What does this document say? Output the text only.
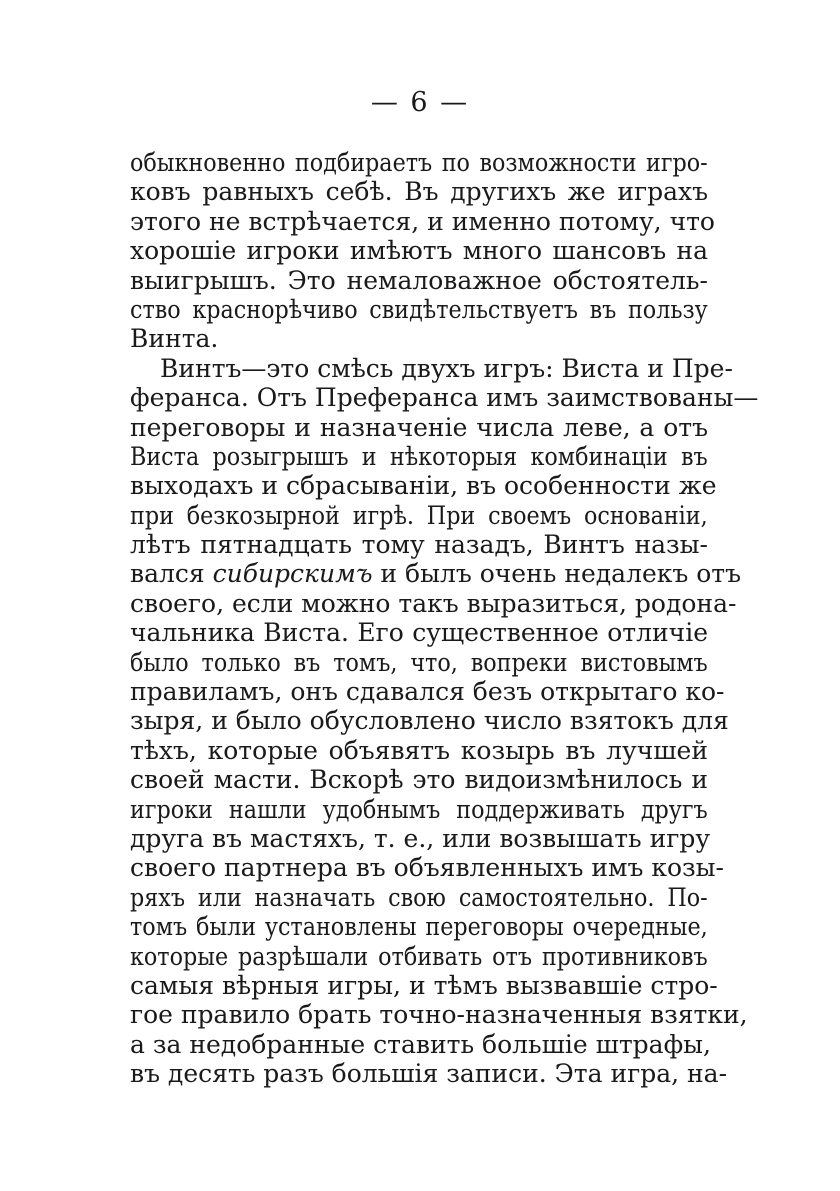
— 6 —
обыкновенно подбираетъ по возможности игро-
ковъ равныхъ себѣ. Въ другихъ же играхъ
этого не встрѣчается, и именно потому, что
хорошіе игроки имѣютъ много шансовъ на
выигрышъ. Это немаловажное обстоятель-
ство краснорѣчиво свидѣтельствуетъ въ пользу
Винта.
Винтъ—это смѣсь двухъ игръ: Виста и Пре-
феранса. Отъ Преферанса имъ заимствованы—
переговоры и назначеніе числа леве, а отъ
Виста розыгрышъ и нѣкоторыя комбинаціи въ
выходахъ и сбрасываніи, въ особенности же
при безкозырной игрѣ. При своемъ основаніи,
лѣтъ пятнадцать тому назадъ, Винтъ назы-
вался сибирскимъ и былъ очень недалекъ отъ
своего, если можно такъ выразиться, родона-
чальника Виста. Его существенное отличіе
было только въ томъ, что, вопреки вистовымъ
правиламъ, онъ сдавался безъ открытаго ко-
зыря, и было обусловлено число взятокъ для
тѣхъ, которые объявятъ козырь въ лучшей
своей масти. Вскорѣ это видоизмѣнилось и
игроки нашли удобнымъ поддерживать другъ
друга въ мастяхъ, т. е., или возвышать игру
своего партнера въ объявленныхъ имъ козы-
ряхъ или назначать свою самостоятельно. По-
томъ были установлены переговоры очередные,
которые разрѣшали отбивать отъ противниковъ
самыя вѣрныя игры, и тѣмъ вызвавшіе стро-
гое правило брать точно-назначенныя взятки,
а за недобранные ставить большіе штрафы,
въ десять разъ большія записи. Эта игра, на-
